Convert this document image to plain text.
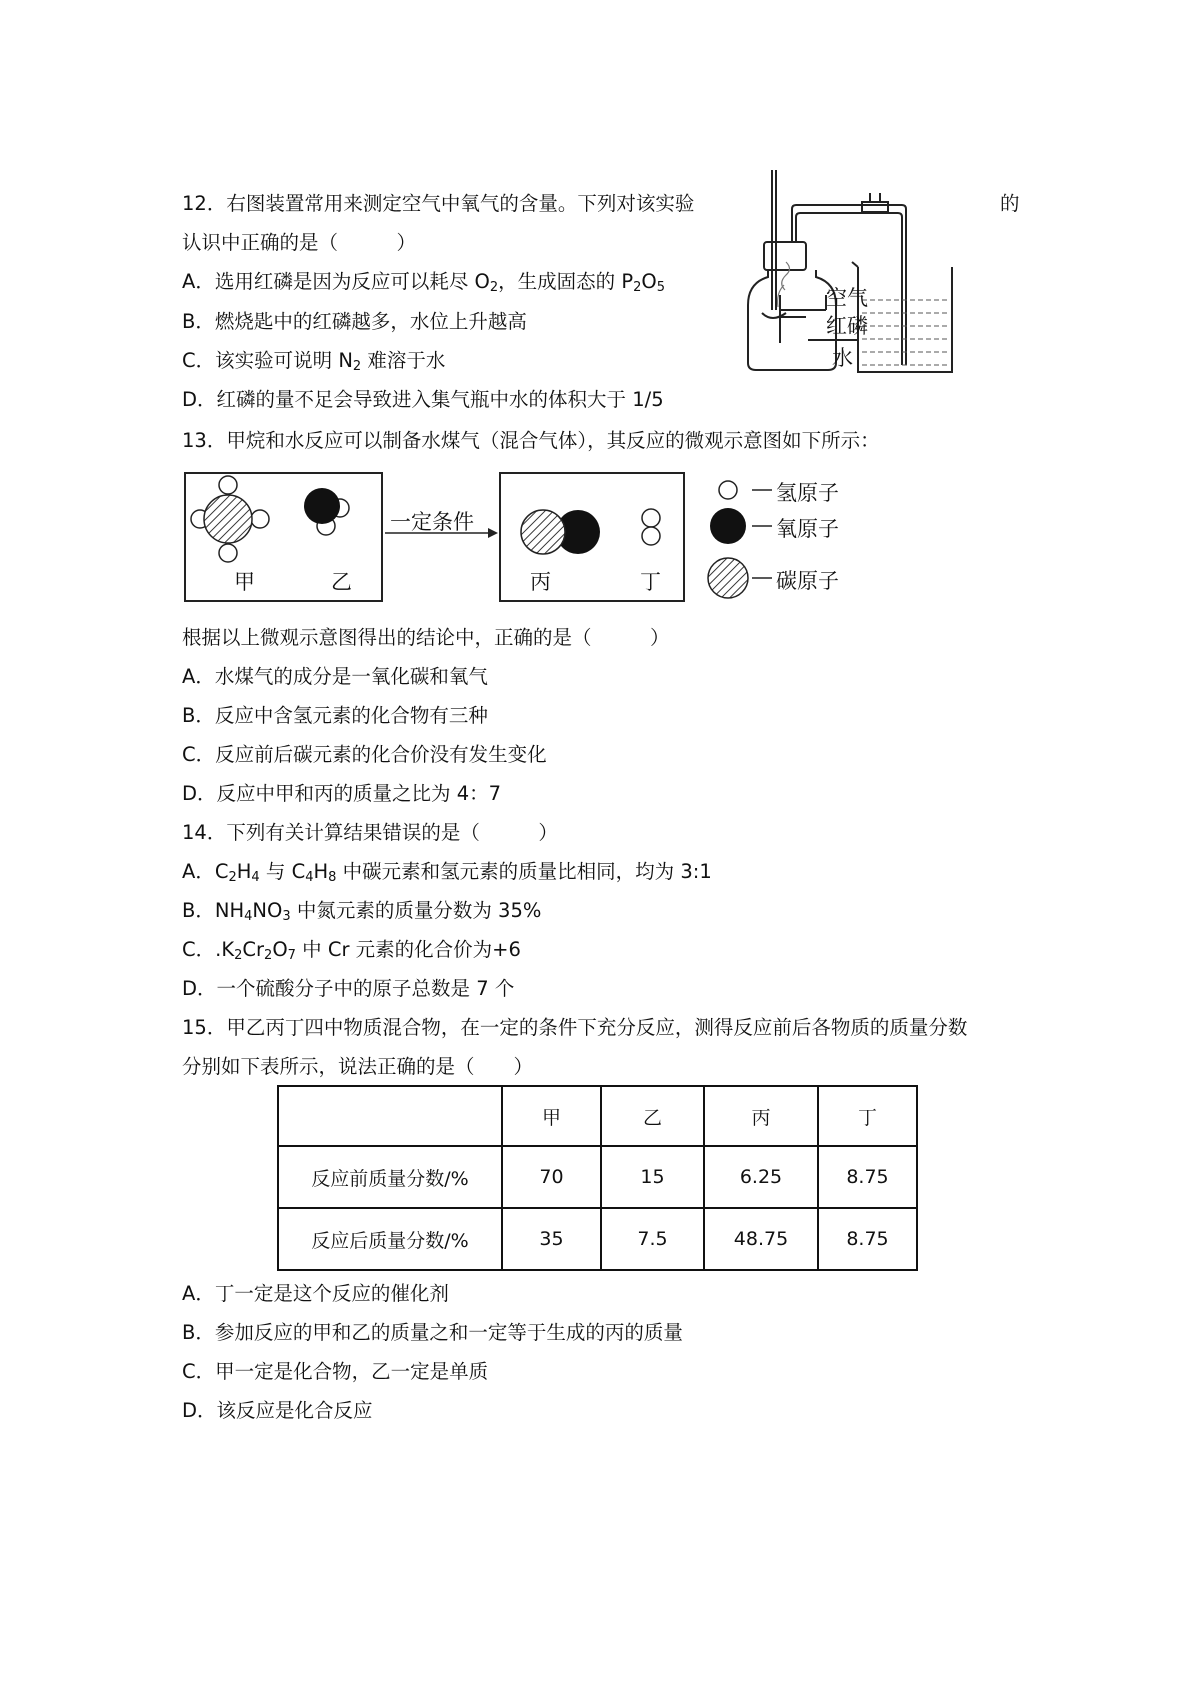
12．右图装置常用来测定空气中氧气的含量。下列对该实验	的
认识中正确的是（　　　）
A．选用红磷是因为反应可以耗尽 $O_2$，生成固态的 $P_2O_5$
B．燃烧匙中的红磷越多，水位上升越高
C．该实验可说明 $N_2$ 难溶于水
D．红磷的量不足会导致进入集气瓶中水的体积大于 1/5
空气
红磷
水
13．甲烷和水反应可以制备水煤气（混合气体），其反应的微观示意图如下所示：
甲	乙
一定条件
丙	丁
氢原子
氧原子
碳原子
根据以上微观示意图得出的结论中，正确的是（　　　）
A．水煤气的成分是一氧化碳和氧气
B．反应中含氢元素的化合物有三种
C．反应前后碳元素的化合价没有发生变化
D．反应中甲和丙的质量之比为 4：7
14．下列有关计算结果错误的是（　　　）
A．$C_2H_4$ 与 $C_4H_8$ 中碳元素和氢元素的质量比相同，均为 3:1
B．$NH_4NO_3$ 中氮元素的质量分数为 35%
C．$.K_2Cr_2O_7$ 中 Cr 元素的化合价为+6
D．一个硫酸分子中的原子总数是 7 个
15．甲乙丙丁四中物质混合物，在一定的条件下充分反应，测得反应前后各物质的质量分数
分别如下表所示，说法正确的是（　　）
	甲	乙	丙	丁
反应前质量分数/%	70	15	6.25	8.75
反应后质量分数/%	35	7.5	48.75	8.75
A．丁一定是这个反应的催化剂
B．参加反应的甲和乙的质量之和一定等于生成的丙的质量
C．甲一定是化合物，乙一定是单质
D．该反应是化合反应
